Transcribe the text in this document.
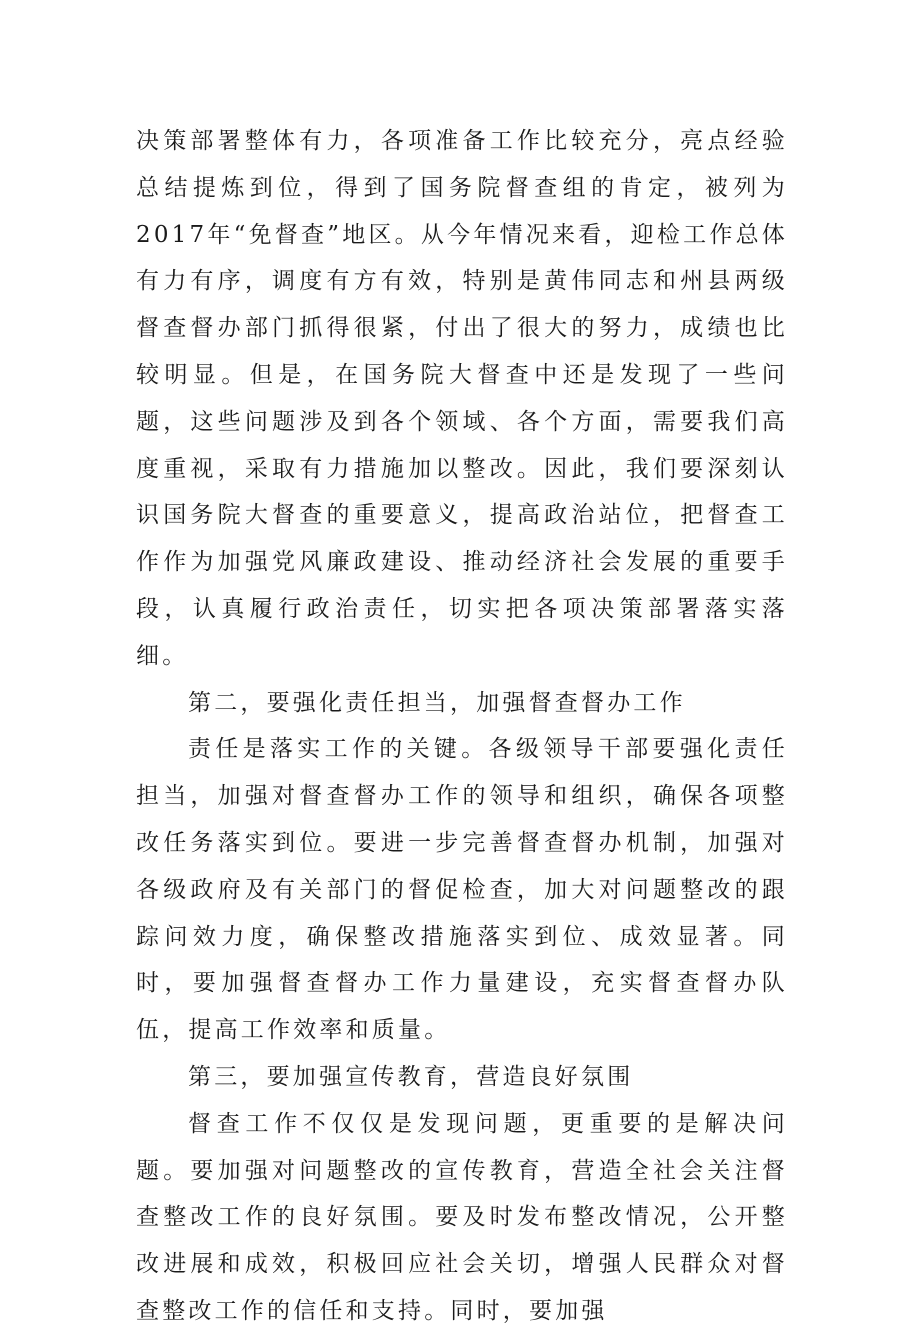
决策部署整体有力，各项准备工作比较充分，亮点经验总结提炼到位，得到了国务院督查组的肯定，被列为2017年“免督查”地区。从今年情况来看，迎检工作总体有力有序，调度有方有效，特别是黄伟同志和州县两级督查督办部门抓得很紧，付出了很大的努力，成绩也比较明显。但是，在国务院大督查中还是发现了一些问题，这些问题涉及到各个领域、各个方面，需要我们高度重视，采取有力措施加以整改。因此，我们要深刻认识国务院大督查的重要意义，提高政治站位，把督查工作作为加强党风廉政建设、推动经济社会发展的重要手段，认真履行政治责任，切实把各项决策部署落实落细。

第二，要强化责任担当，加强督查督办工作

责任是落实工作的关键。各级领导干部要强化责任担当，加强对督查督办工作的领导和组织，确保各项整改任务落实到位。要进一步完善督查督办机制，加强对各级政府及有关部门的督促检查，加大对问题整改的跟踪问效力度，确保整改措施落实到位、成效显著。同时，要加强督查督办工作力量建设，充实督查督办队伍，提高工作效率和质量。

第三，要加强宣传教育，营造良好氛围

督查工作不仅仅是发现问题，更重要的是解决问题。要加强对问题整改的宣传教育，营造全社会关注督查整改工作的良好氛围。要及时发布整改情况，公开整改进展和成效，积极回应社会关切，增强人民群众对督查整改工作的信任和支持。同时，要加强
